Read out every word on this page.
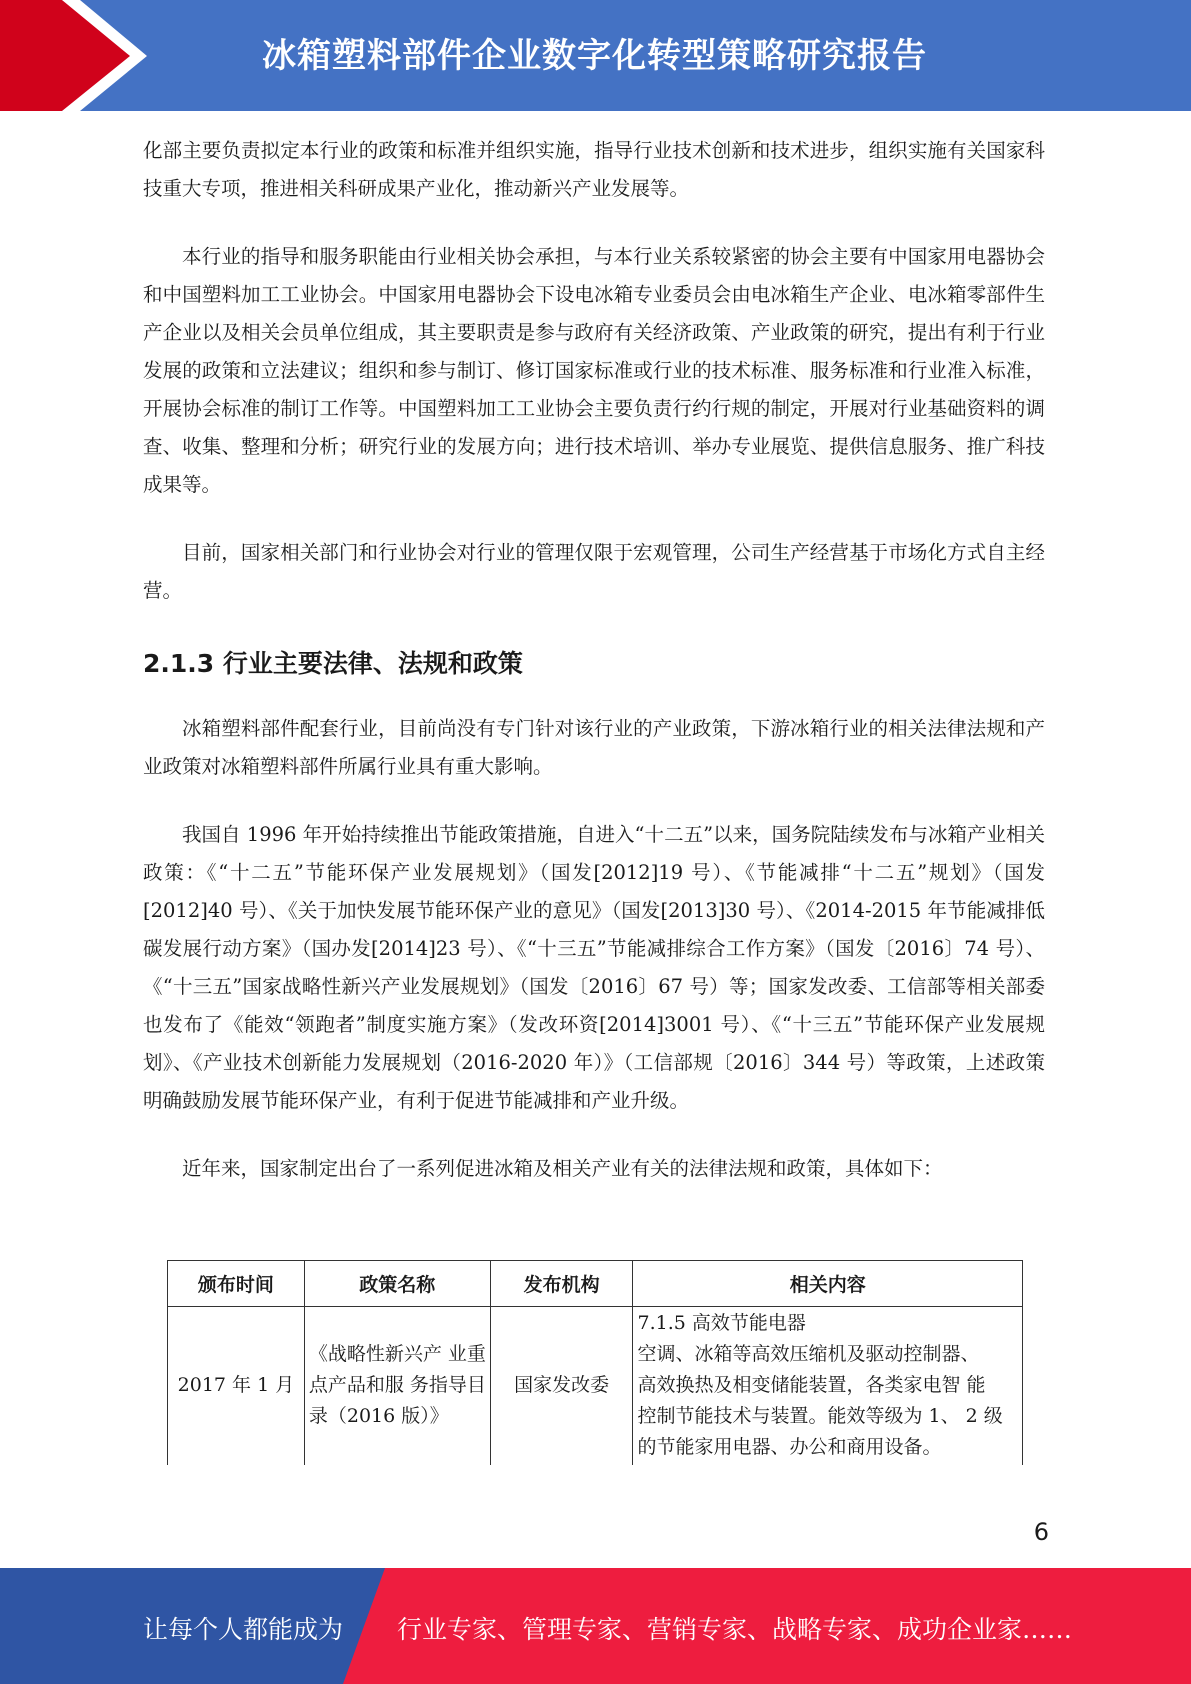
冰箱塑料部件企业数字化转型策略研究报告

化部主要负责拟定本行业的政策和标准并组织实施，指导行业技术创新和技术进步，组织实施有关国家科技重大专项，推进相关科研成果产业化，推动新兴产业发展等。

本行业的指导和服务职能由行业相关协会承担，与本行业关系较紧密的协会主要有中国家用电器协会和中国塑料加工工业协会。中国家用电器协会下设电冰箱专业委员会由电冰箱生产企业、电冰箱零部件生产企业以及相关会员单位组成，其主要职责是参与政府有关经济政策、产业政策的研究，提出有利于行业发展的政策和立法建议；组织和参与制订、修订国家标准或行业的技术标准、服务标准和行业准入标准，开展协会标准的制订工作等。中国塑料加工工业协会主要负责行约行规的制定，开展对行业基础资料的调查、收集、整理和分析；研究行业的发展方向；进行技术培训、举办专业展览、提供信息服务、推广科技成果等。

目前，国家相关部门和行业协会对行业的管理仅限于宏观管理，公司生产经营基于市场化方式自主经营。

2.1.3 行业主要法律、法规和政策

冰箱塑料部件配套行业，目前尚没有专门针对该行业的产业政策，下游冰箱行业的相关法律法规和产业政策对冰箱塑料部件所属行业具有重大影响。

我国自 1996 年开始持续推出节能政策措施，自进入“十二五”以来，国务院陆续发布与冰箱产业相关政策：《“十二五”节能环保产业发展规划》（国发[2012]19 号）、《节能减排“十二五”规划》（国发[2012]40 号）、《关于加快发展节能环保产业的意见》（国发[2013]30 号）、《2014-2015 年节能减排低碳发展行动方案》（国办发[2014]23 号）、《“十三五”节能减排综合工作方案》（国发〔2016〕74 号）、《“十三五”国家战略性新兴产业发展规划》（国发〔2016〕67 号）等；国家发改委、工信部等相关部委也发布了《能效“领跑者”制度实施方案》（发改环资[2014]3001 号）、《“十三五”节能环保产业发展规划》、《产业技术创新能力发展规划（2016-2020 年）》（工信部规〔2016〕344 号）等政策，上述政策明确鼓励发展节能环保产业，有利于促进节能减排和产业升级。

近年来，国家制定出台了一系列促进冰箱及相关产业有关的法律法规和政策，具体如下：

颁布时间	政策名称	发布机构	相关内容
2017 年 1 月	《战略性新兴产 业重点产品和服 务指导目录（2016 版）》	国家发改委	7.1.5 高效节能电器
空调、冰箱等高效压缩机及驱动控制器、
高效换热及相变储能装置，各类家电智 能
控制节能技术与装置。能效等级为 1、 2 级
的节能家用电器、办公和商用设备。
6
让每个人都能成为 行业专家、管理专家、营销专家、战略专家、成功企业家……
